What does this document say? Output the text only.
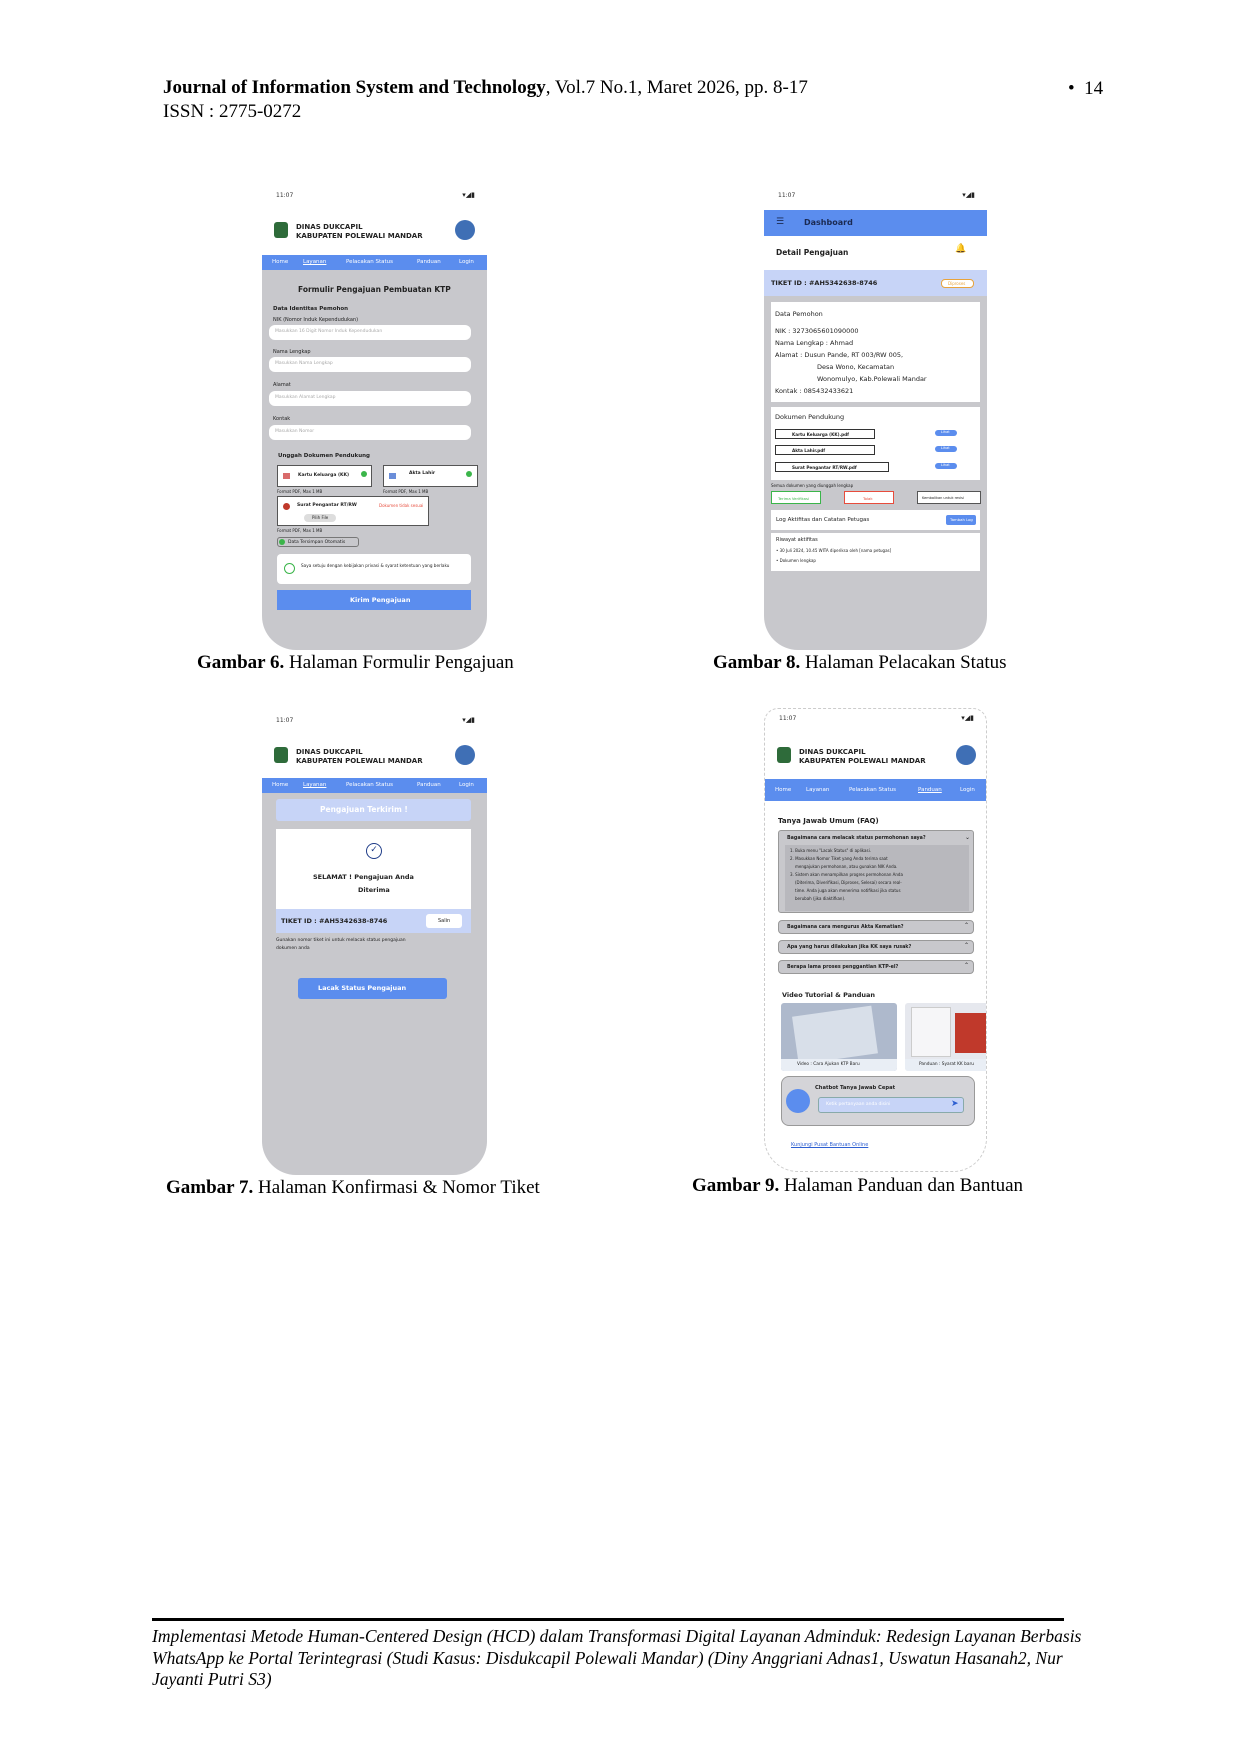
Journal of Information System and Technology, Vol.7 No.1, Maret 2026, pp. 8-17
ISSN : 2775-0272
• 14
11:07	▾◢▮
DINAS DUKCAPIL
KABUPATEN POLEWALI MANDAR
Home	Layanan	Pelacakan Status	Panduan	Login
Formulir Pengajuan Pembuatan KTP
Data Identitas Pemohon
NIK (Nomor Induk Kependudukan)
Masukkan 16 Digit Nomor Induk Kependudukan
Nama Lengkap
Masukkan Nama Lengkap
Alamat
Masukkan Alamat Lengkap
Kontak
Masukkan Nomor
Unggah Dokumen Pendukung
Kartu Keluarga (KK)
Format PDF, Max 1 MB
Akta Lahir
Format PDF, Max 1 MB
Surat Pengantar RT/RW	Dokumen tidak sesuai
Pilih File
Format PDF, Max 1 MB
Data Tersimpan Otomatis
Saya setuju dengan kebijakan privasi & syarat ketentuan yang berlaku
Kirim Pengajuan
Gambar 6. Halaman Formulir Pengajuan
11:07	▾◢▮
☰ Dashboard
Detail Pengajuan	🔔
TIKET ID : #AH5342638-8746	Diproses
Data Pemohon
NIK : 3273065601090000
Nama Lengkap : Ahmad
Alamat : Dusun Pande, RT 003/RW 005,
Desa Wono, Kecamatan
Wonomulyo, Kab.Polewali Mandar
Kontak : 085432433621
Dokumen Pendukung
Kartu Keluarga (KK).pdf	Lihat
Akta Lahir.pdf	Lihat
Surat Pengantar RT/RW.pdf	Lihat
Semua dokumen yang diunggah lengkap
Terima Verifikasi	Tolak	Kembalikan untuk revisi
Log Aktifitas dan Catatan Petugas	Tambah Log
Riwayat aktifitas
• 30 Juli 2024, 10.45 WITA diperiksa oleh [nama petugas]
• Dokumen lengkap
Gambar 8. Halaman Pelacakan Status
11:07	▾◢▮
DINAS DUKCAPIL
KABUPATEN POLEWALI MANDAR
Home	Layanan	Pelacakan Status	Panduan	Login
Pengajuan Terkirim !
✓
SELAMAT ! Pengajuan Anda
Diterima
TIKET ID : #AH5342638-8746	Salin
Gunakan nomor tiket ini untuk melacak status pengajuan
dokumen anda
Lacak Status Pengajuan
Gambar 7. Halaman Konfirmasi & Nomor Tiket
11:07	▾◢▮
DINAS DUKCAPIL
KABUPATEN POLEWALI MANDAR
Home	Layanan	Pelacakan Status	Panduan	Login
Tanya Jawab Umum (FAQ)
Bagaimana cara melacak status permohonan saya?	⌄
1. Buka menu "Lacak Status" di aplikasi.
2. Masukkan Nomor Tiket yang Anda terima saat
mengajukan permohonan, atau gunakan NIK Anda.
3. Sistem akan menampilkan progres permohonan Anda
(Diterima, Diverifikasi, Diproses, Selesai) secara real-
time. Anda juga akan menerima notifikasi jika status
berubah (jika diaktifkan).
Bagaimana cara mengurus Akta Kematian?	⌃
Apa yang harus dilakukan jika KK saya rusak?	⌃
Berapa lama proses penggantian KTP-el?	⌃
Video Tutorial & Panduan
Video : Cara Ajukan KTP Baru	Panduan : Syarat KK baru
Chatbot Tanya Jawab Cepat
Ketik pertanyaan anda disini	➤
Kunjungi Pusat Bantuan Online
Gambar 9. Halaman Panduan dan Bantuan
Implementasi Metode Human-Centered Design (HCD) dalam Transformasi Digital Layanan Adminduk: Redesign Layanan Berbasis WhatsApp ke Portal Terintegrasi (Studi Kasus: Disdukcapil Polewali Mandar) (Diny Anggriani Adnas1, Uswatun Hasanah2, Nur Jayanti Putri S3)
